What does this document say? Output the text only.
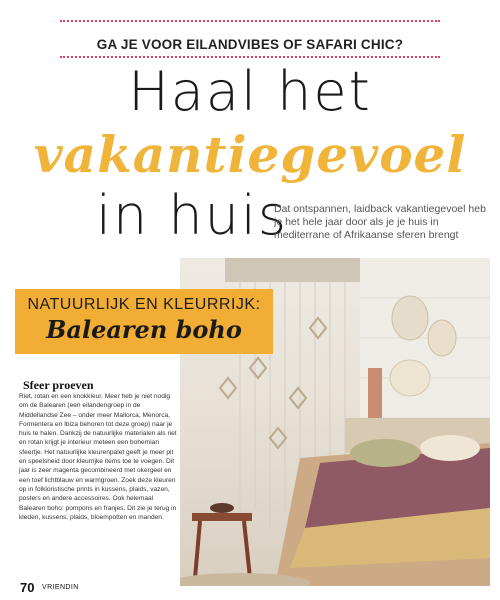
GA JE VOOR EILANDVIBES OF SAFARI CHIC?
Haal het
vakantiegevoel
in huis
Dat ontspannen, laidback vakantiegevoel heb je het hele jaar door als je je huis in mediterrane of Afrikaanse sferen brengt
NATUURLIJK EN KLEURRIJK:
Balearen boho
Sfeer proeven
Riet, rotan en een knokkleur. Meer heb je niet nodig om de Balearen (een eilandengroep in de Middellandse Zee – onder meer Mallorca, Menorca, Formentera en Ibiza behoren tot deze groep) naar je huis te halen. Dankzij de natuurlijke materialen als riet en rotan krijgt je interieur meteen een bohemian sfeertje. Het natuurlijke kleurenpalet geeft je meer pit en speelsheid door kleurrijke items toe te voegen. Dit jaar is zeer magenta gecombineerd met okergeel en een toef lichtblauw en warmgroen. Zoek deze kleuren op in folkloristische prints in kussens, plaids, vazen, posters en andere accessoires. Ook helemaal Balearen boho: pompons en franjes. Dit zie je terug in kleden, kussens, plaids, bloempotten en manden.
70 VRIENDIN
